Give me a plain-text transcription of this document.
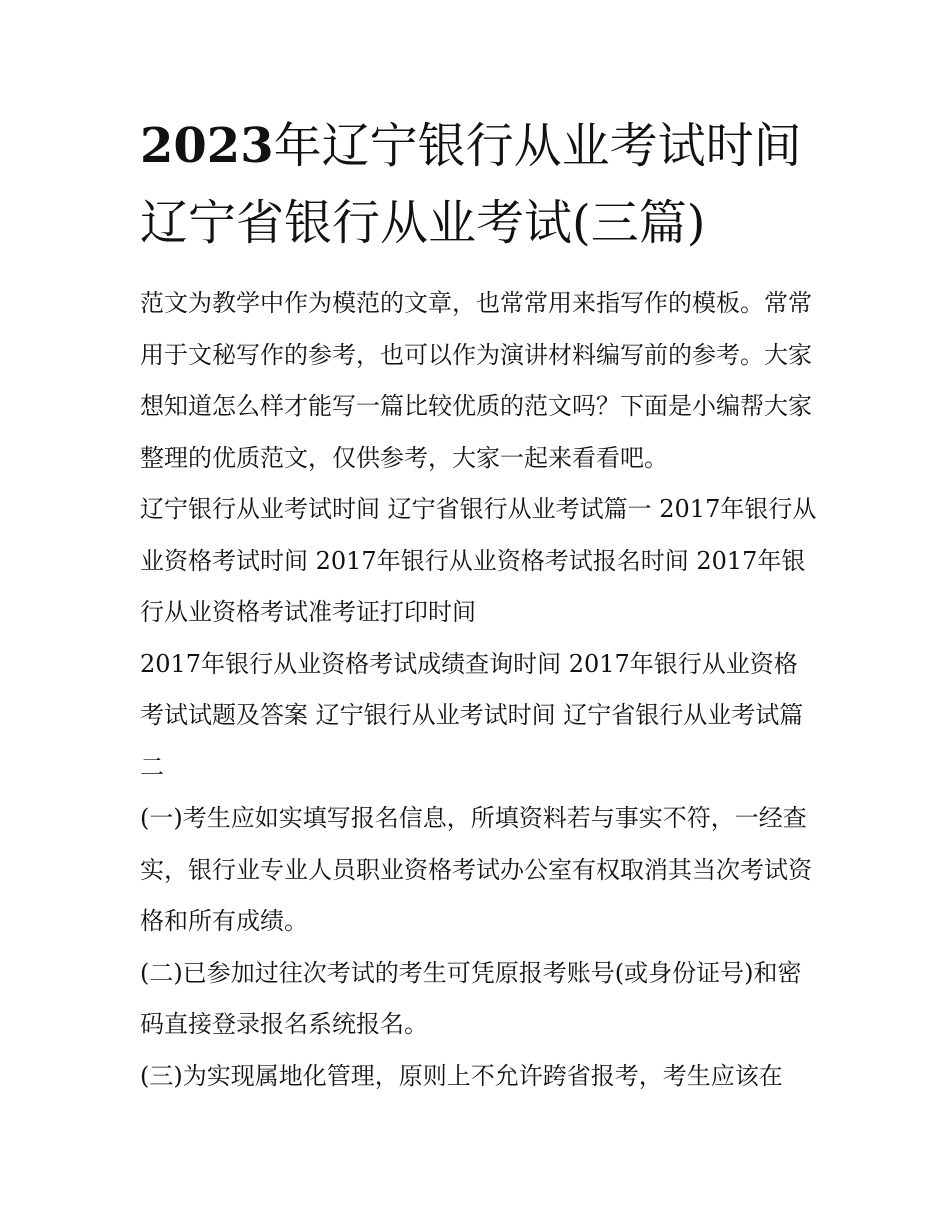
2023年辽宁银行从业考试时间辽宁省银行从业考试(三篇)

范文为教学中作为模范的文章，也常常用来指写作的模板。常常用于文秘写作的参考，也可以作为演讲材料编写前的参考。大家想知道怎么样才能写一篇比较优质的范文吗？下面是小编帮大家整理的优质范文，仅供参考，大家一起来看看吧。

辽宁银行从业考试时间 辽宁省银行从业考试篇一 2017年银行从业资格考试时间 2017年银行从业资格考试报名时间 2017年银行从业资格考试准考证打印时间

2017年银行从业资格考试成绩查询时间 2017年银行从业资格考试试题及答案 辽宁银行从业考试时间 辽宁省银行从业考试篇二

(一)考生应如实填写报名信息，所填资料若与事实不符，一经查实，银行业专业人员职业资格考试办公室有权取消其当次考试资格和所有成绩。

(二)已参加过往次考试的考生可凭原报考账号(或身份证号)和密码直接登录报名系统报名。

(三)为实现属地化管理，原则上不允许跨省报考，考生应该在
